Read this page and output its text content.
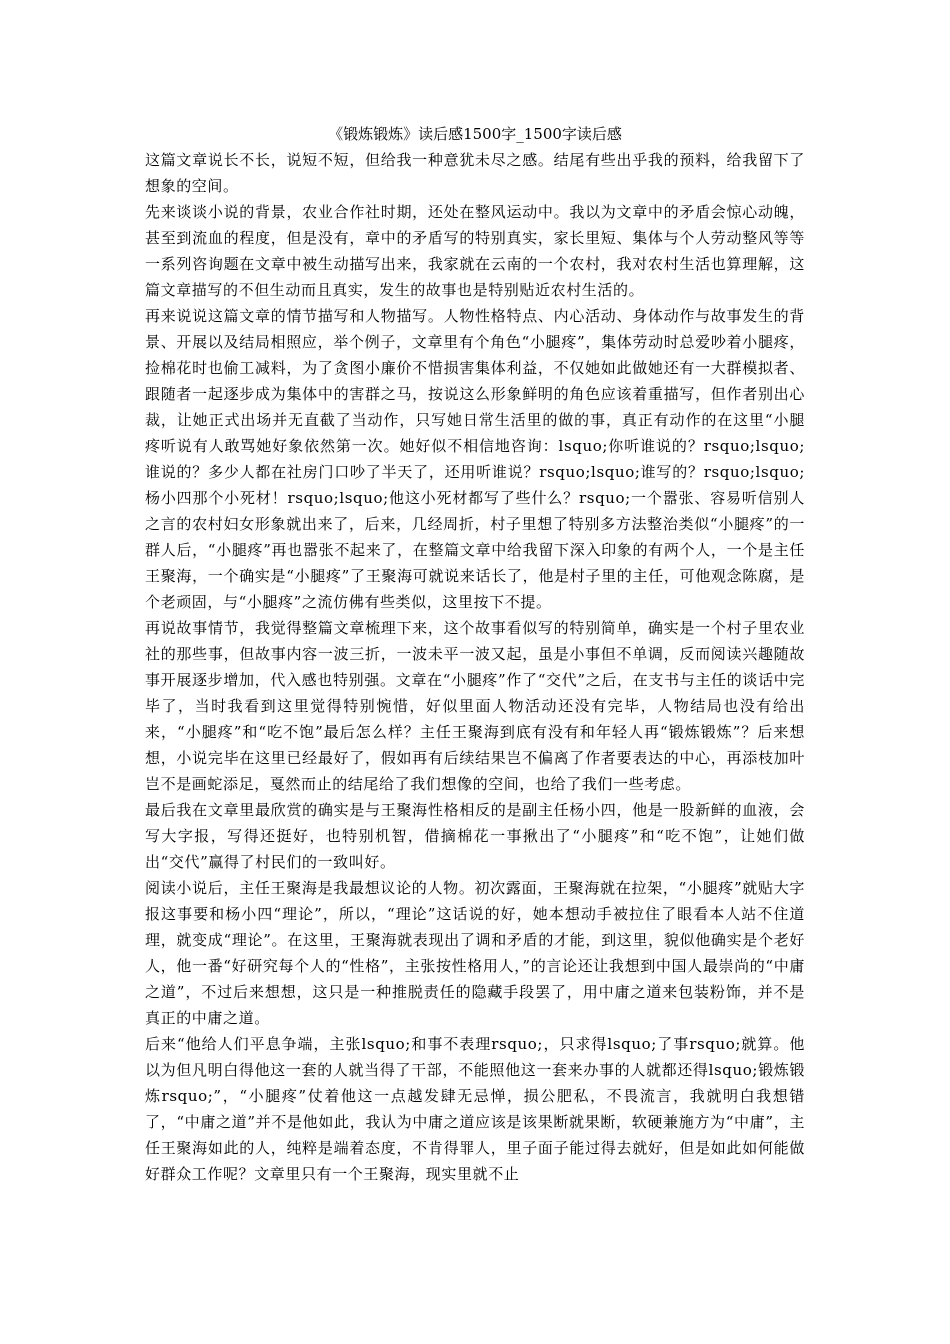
《锻炼锻炼》读后感1500字_1500字读后感

这篇文章说长不长，说短不短，但给我一种意犹未尽之感。结尾有些出乎我的预料，给我留下了想象的空间。

先来谈谈小说的背景，农业合作社时期，还处在整风运动中。我以为文章中的矛盾会惊心动魄，甚至到流血的程度，但是没有，章中的矛盾写的特别真实，家长里短、集体与个人劳动整风等等一系列咨询题在文章中被生动描写出来，我家就在云南的一个农村，我对农村生活也算理解，这篇文章描写的不但生动而且真实，发生的故事也是特别贴近农村生活的。

再来说说这篇文章的情节描写和人物描写。人物性格特点、内心活动、身体动作与故事发生的背景、开展以及结局相照应，举个例子，文章里有个角色“小腿疼”，集体劳动时总爱吵着小腿疼，捡棉花时也偷工减料，为了贪图小廉价不惜损害集体利益，不仅她如此做她还有一大群模拟者、跟随者一起逐步成为集体中的害群之马，按说这么形象鲜明的角色应该着重描写，但作者别出心裁，让她正式出场并无直截了当动作，只写她日常生活里的做的事，真正有动作的在这里“小腿疼听说有人敢骂她好象依然第一次。她好似不相信地咨询：lsquo;你听谁说的？rsquo;lsquo;谁说的？多少人都在社房门口吵了半天了，还用听谁说？rsquo;lsquo;谁写的？rsquo;lsquo;杨小四那个小死材！rsquo;lsquo;他这小死材都写了些什么？rsquo;一个嚣张、容易听信别人之言的农村妇女形象就出来了，后来，几经周折，村子里想了特别多方法整治类似“小腿疼”的一群人后，“小腿疼”再也嚣张不起来了，在整篇文章中给我留下深入印象的有两个人，一个是主任王聚海，一个确实是“小腿疼”了王聚海可就说来话长了，他是村子里的主任，可他观念陈腐，是个老顽固，与“小腿疼”之流仿佛有些类似，这里按下不提。

再说故事情节，我觉得整篇文章梳理下来，这个故事看似写的特别简单，确实是一个村子里农业社的那些事，但故事内容一波三折，一波未平一波又起，虽是小事但不单调，反而阅读兴趣随故事开展逐步增加，代入感也特别强。文章在“小腿疼”作了“交代”之后，在支书与主任的谈话中完毕了，当时我看到这里觉得特别惋惜，好似里面人物活动还没有完毕，人物结局也没有给出来，“小腿疼”和“吃不饱”最后怎么样？主任王聚海到底有没有和年轻人再“锻炼锻炼”？后来想想，小说完毕在这里已经最好了，假如再有后续结果岂不偏离了作者要表达的中心，再添枝加叶岂不是画蛇添足，戛然而止的结尾给了我们想像的空间，也给了我们一些考虑。

最后我在文章里最欣赏的确实是与王聚海性格相反的是副主任杨小四，他是一股新鲜的血液，会写大字报，写得还挺好，也特别机智，借摘棉花一事揪出了“小腿疼”和“吃不饱”，让她们做出“交代”赢得了村民们的一致叫好。

阅读小说后，主任王聚海是我最想议论的人物。初次露面，王聚海就在拉架，“小腿疼”就贴大字报这事要和杨小四“理论”，所以，“理论”这话说的好，她本想动手被拉住了眼看本人站不住道理，就变成“理论”。在这里，王聚海就表现出了调和矛盾的才能，到这里，貌似他确实是个老好人，他一番“好研究每个人的“性格”，主张按性格用人，”的言论还让我想到中国人最崇尚的“中庸之道”，不过后来想想，这只是一种推脱责任的隐藏手段罢了，用中庸之道来包装粉饰，并不是真正的中庸之道。

后来“他给人们平息争端，主张lsquo;和事不表理rsquo;，只求得lsquo;了事rsquo;就算。他以为但凡明白得他这一套的人就当得了干部，不能照他这一套来办事的人就都还得lsquo;锻炼锻炼rsquo;”，“小腿疼”仗着他这一点越发肆无忌惮，损公肥私，不畏流言，我就明白我想错了，“中庸之道”并不是他如此，我认为中庸之道应该是该果断就果断，软硬兼施方为“中庸”，主任王聚海如此的人，纯粹是端着态度，不肯得罪人，里子面子能过得去就好，但是如此如何能做好群众工作呢？文章里只有一个王聚海，现实里就不止
